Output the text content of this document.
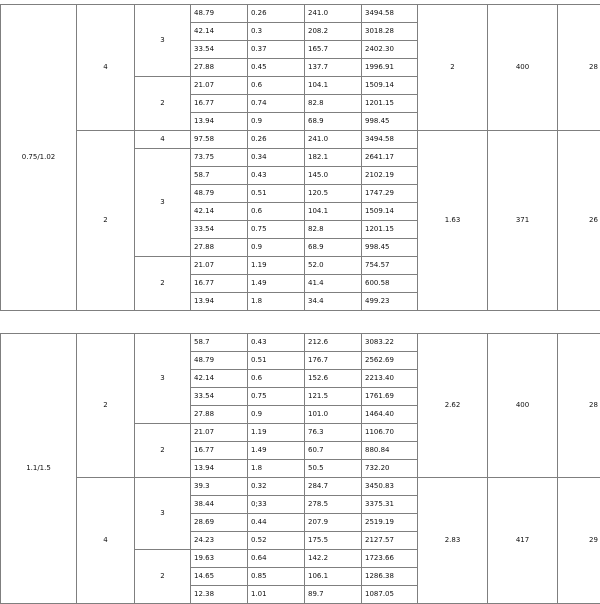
0.75/1.02	4	3	48.79	0.26	241.0	3494.58	2	400	28
			42.14	0.3	208.2	3018.28			
			33.54	0.37	165.7	2402.30			
			27.88	0.45	137.7	1996.91			
		2	21.07	0.6	104.1	1509.14			
			16.77	0.74	82.8	1201.15			
			13.94	0.9	68.9	998.45			
	2	4	97.58	0.26	241.0	3494.58	1.63	371	26
		3	73.75	0.34	182.1	2641.17			
			58.7	0.43	145.0	2102.19			
			48.79	0.51	120.5	1747.29			
			42.14	0.6	104.1	1509.14			
			33.54	0.75	82.8	1201.15			
			27.88	0.9	68.9	998.45			
		2	21.07	1.19	52.0	754.57			
			16.77	1.49	41.4	600.58			
			13.94	1.8	34.4	499.23			
1.1/1.5	2	3	58.7	0.43	212.6	3083.22	2.62	400	28
			48.79	0.51	176.7	2562.69			
			42.14	0.6	152.6	2213.40			
			33.54	0.75	121.5	1761.69			
			27.88	0.9	101.0	1464.40			
		2	21.07	1.19	76.3	1106.70			
			16.77	1.49	60.7	880.84			
			13.94	1.8	50.5	732.20			
	4	3	39.3	0.32	284.7	3450.83	2.83	417	29
			38.44	0;33	278.5	3375.31			
			28.69	0.44	207.9	2519.19			
			24.23	0.52	175.5	2127.57			
		2	19.63	0.64	142.2	1723.66			
			14.65	0.85	106.1	1286.38			
			12.38	1.01	89.7	1087.05			
